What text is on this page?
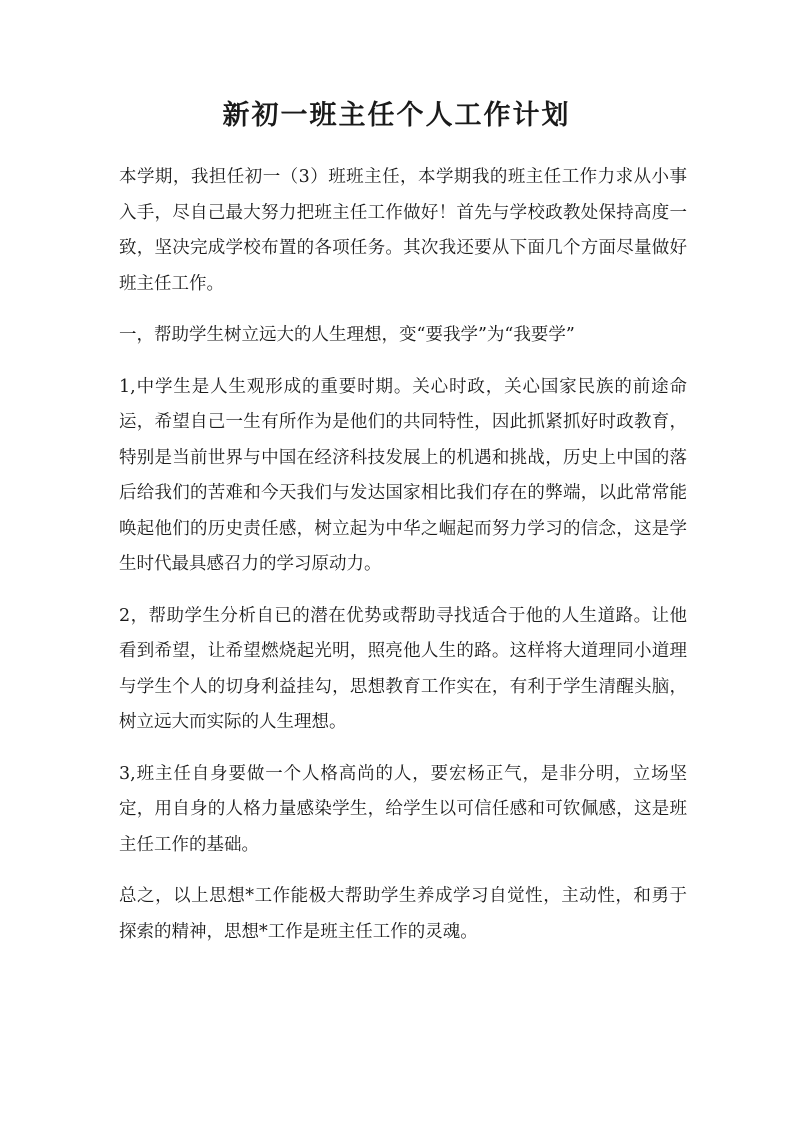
新初一班主任个人工作计划

本学期，我担任初一（3）班班主任，本学期我的班主任工作力求从小事入手，尽自己最大努力把班主任工作做好！首先与学校政教处保持高度一致，坚决完成学校布置的各项任务。其次我还要从下面几个方面尽量做好班主任工作。

一，帮助学生树立远大的人生理想，变“要我学”为“我要学”

1,中学生是人生观形成的重要时期。关心时政，关心国家民族的前途命运，希望自己一生有所作为是他们的共同特性，因此抓紧抓好时政教育，特别是当前世界与中国在经济科技发展上的机遇和挑战，历史上中国的落后给我们的苦难和今天我们与发达国家相比我们存在的弊端，以此常常能唤起他们的历史责任感，树立起为中华之崛起而努力学习的信念，这是学生时代最具感召力的学习原动力。

2，帮助学生分析自已的潜在优势或帮助寻找适合于他的人生道路。让他看到希望，让希望燃烧起光明，照亮他人生的路。这样将大道理同小道理与学生个人的切身利益挂勾，思想教育工作实在，有利于学生清醒头脑，树立远大而实际的人生理想。

3,班主任自身要做一个人格高尚的人，要宏杨正气，是非分明，立场坚定，用自身的人格力量感染学生，给学生以可信任感和可钦佩感，这是班主任工作的基础。

总之，以上思想*工作能极大帮助学生养成学习自觉性，主动性，和勇于探索的精神，思想*工作是班主任工作的灵魂。
